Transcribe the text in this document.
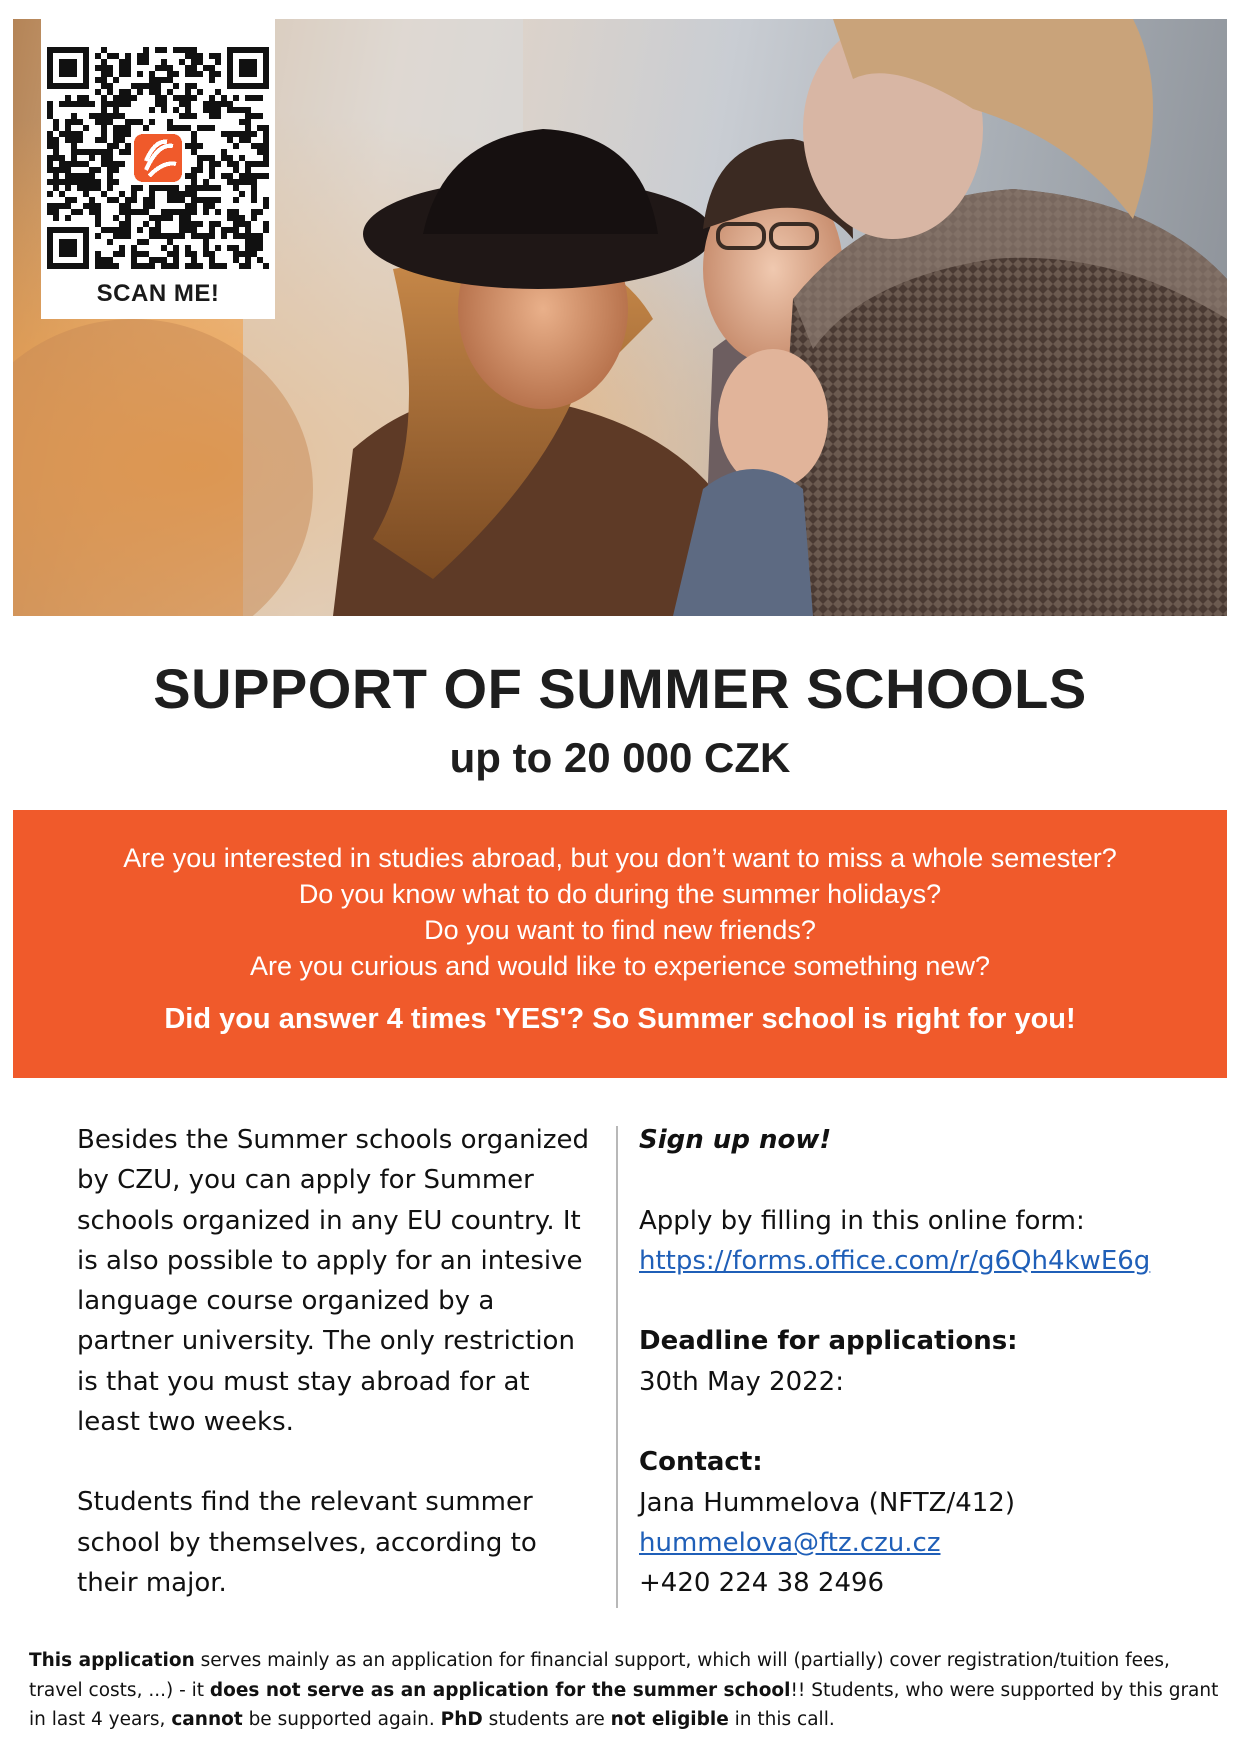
SCAN ME!
SUPPORT OF SUMMER SCHOOLS
up to 20 000 CZK
Are you interested in studies abroad, but you don’t want to miss a whole semester?
Do you know what to do during the summer holidays?
Do you want to find new friends?
Are you curious and would like to experience something new?
Did you answer 4 times 'YES'? So Summer school is right for you!

Besides the Summer schools organized by CZU, you can apply for Summer schools organized in any EU country. It is also possible to apply for an intesive language course organized by a partner university. The only restriction is that you must stay abroad for at least two weeks.

Students find the relevant summer school by themselves, according to their major.

Sign up now!
Apply by filling in this online form:
https://forms.office.com/r/g6Qh4kwE6g
Deadline for applications:
30th May 2022:
Contact:
Jana Hummelova (NFTZ/412)
hummelova@ftz.czu.cz
+420 224 38 2496
This application serves mainly as an application for financial support, which will (partially) cover registration/tuition fees, travel costs, ...) - it does not serve as an application for the summer school!! Students, who were supported by this grant in last 4 years, cannot be supported again. PhD students are not eligible in this call.
